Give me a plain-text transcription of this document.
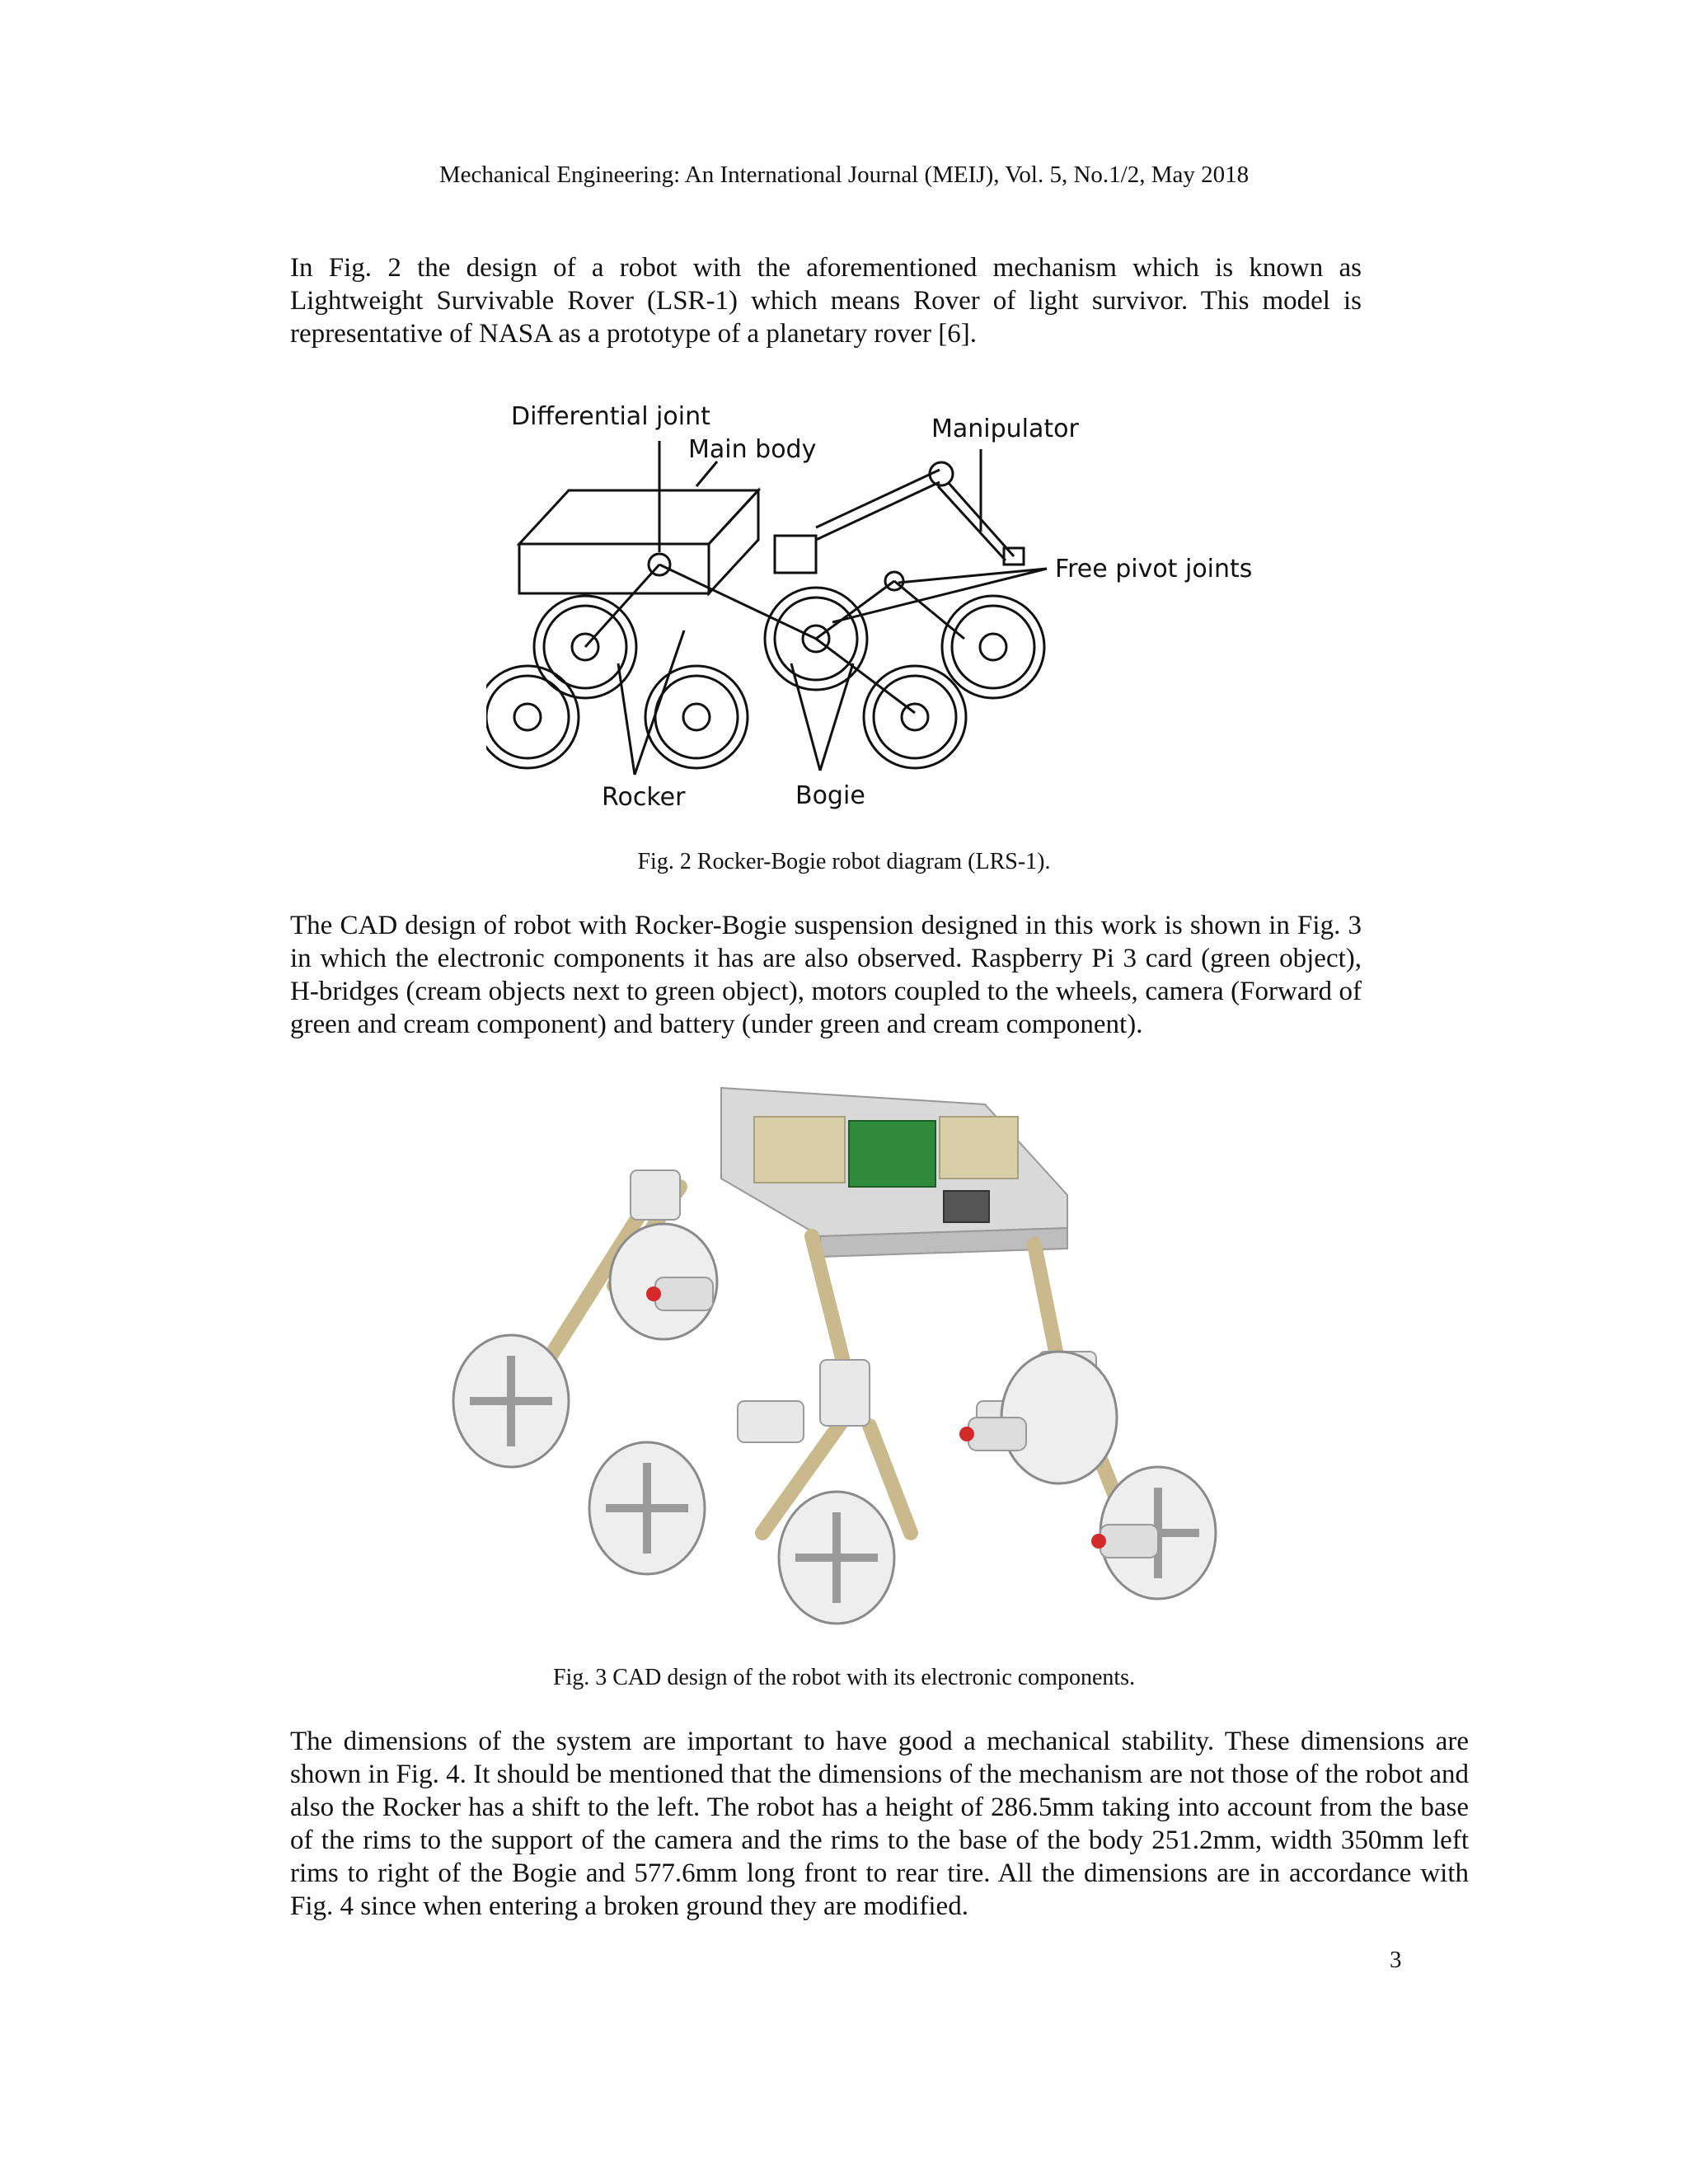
Mechanical Engineering: An International Journal (MEIJ), Vol. 5, No.1/2, May 2018

In Fig. 2 the design of a robot with the aforementioned mechanism which is known as Lightweight Survivable Rover (LSR-1) which means Rover of light survivor. This model is representative of NASA as a prototype of a planetary rover [6].

Differential joint
Main body
Manipulator
Free pivot joints
Rocker	Bogie
Fig. 2 Rocker-Bogie robot diagram (LRS-1).

The CAD design of robot with Rocker-Bogie suspension designed in this work is shown in Fig. 3 in which the electronic components it has are also observed. Raspberry Pi 3 card (green object), H-bridges (cream objects next to green object), motors coupled to the wheels, camera (Forward of green and cream component) and battery (under green and cream component).

Fig. 3 CAD design of the robot with its electronic components.

The dimensions of the system are important to have good a mechanical stability. These dimensions are shown in Fig. 4. It should be mentioned that the dimensions of the mechanism are not those of the robot and also the Rocker has a shift to the left. The robot has a height of 286.5mm taking into account from the base of the rims to the support of the camera and the rims to the base of the body 251.2mm, width 350mm left rims to right of the Bogie and 577.6mm long front to rear tire. All the dimensions are in accordance with Fig. 4 since when entering a broken ground they are modified.

3
